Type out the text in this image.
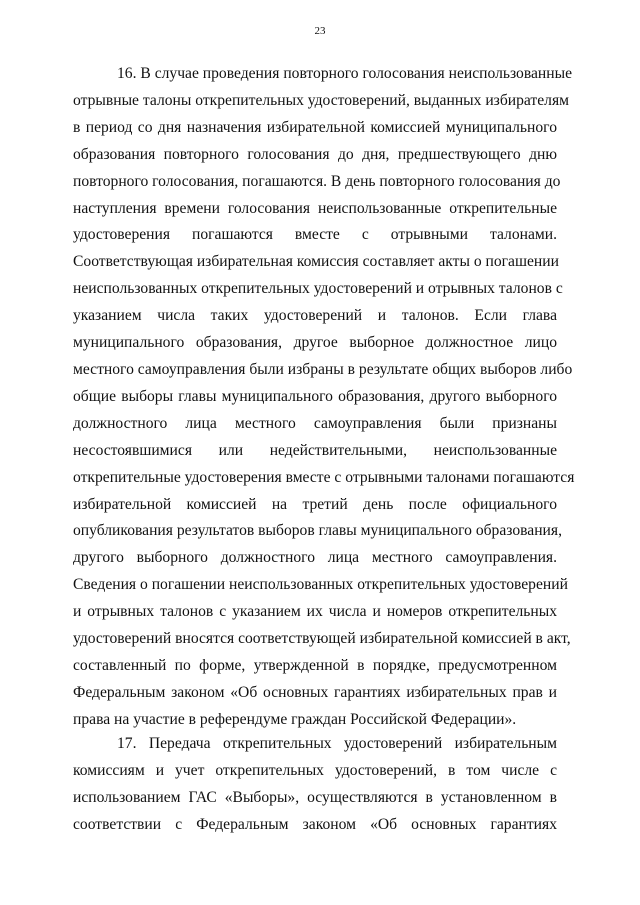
23
16. В случае проведения повторного голосования неиспользованные
отрывные талоны открепительных удостоверений, выданных избирателям
в период со дня назначения избирательной комиссией муниципального
образования повторного голосования до дня, предшествующего дню
повторного голосования, погашаются. В день повторного голосования до
наступления времени голосования неиспользованные открепительные
удостоверения погашаются вместе с отрывными талонами.
Соответствующая избирательная комиссия составляет акты о погашении
неиспользованных открепительных удостоверений и отрывных талонов с
указанием числа таких удостоверений и талонов. Если глава
муниципального образования, другое выборное должностное лицо
местного самоуправления были избраны в результате общих выборов либо
общие выборы главы муниципального образования, другого выборного
должностного лица местного самоуправления были признаны
несостоявшимися или недействительными, неиспользованные
открепительные удостоверения вместе с отрывными талонами погашаются
избирательной комиссией на третий день после официального
опубликования результатов выборов главы муниципального образования,
другого выборного должностного лица местного самоуправления.
Сведения о погашении неиспользованных открепительных удостоверений
и отрывных талонов с указанием их числа и номеров открепительных
удостоверений вносятся соответствующей избирательной комиссией в акт,
составленный по форме, утвержденной в порядке, предусмотренном
Федеральным законом «Об основных гарантиях избирательных прав и
права на участие в референдуме граждан Российской Федерации».
17. Передача открепительных удостоверений избирательным
комиссиям и учет открепительных удостоверений, в том числе с
использованием ГАС «Выборы», осуществляются в установленном в
соответствии с Федеральным законом «Об основных гарантиях
